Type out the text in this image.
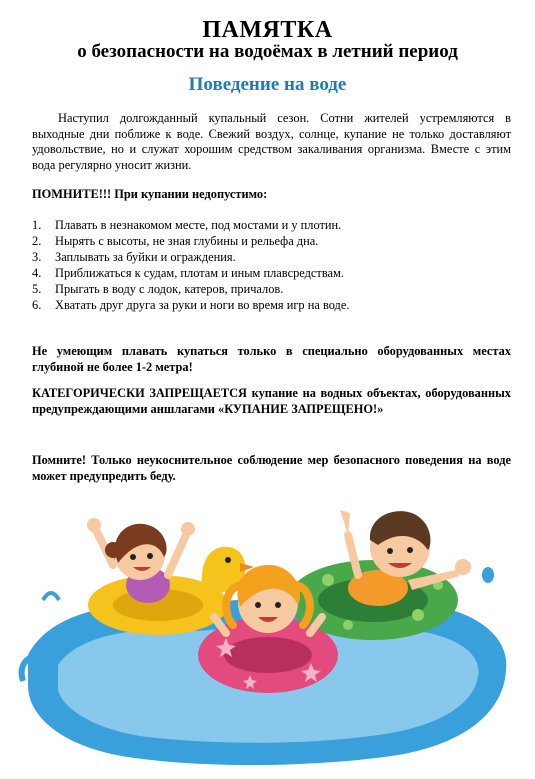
ПАМЯТКА
о безопасности на водоёмах в летний период
Поведение на воде
Наступил долгожданный купальный сезон. Сотни жителей устремляются в выходные дни поближе к воде. Свежий воздух, солнце, купание не только доставляют удовольствие, но и служат хорошим средством закаливания организма. Вместе с этим вода регулярно уносит жизни.
ПОМНИТЕ!!! При купании недопустимо:
1. Плавать в незнакомом месте, под мостами и у плотин.
2. Нырять с высоты, не зная глубины и рельефа дна.
3. Заплывать за буйки и ограждения.
4. Приближаться к судам, плотам и иным плавсредствам.
5. Прыгать в воду с лодок, катеров, причалов.
6. Хватать друг друга за руки и ноги во время игр на воде.
Не умеющим плавать купаться только в специально оборудованных местах глубиной не более 1-2 метра!
КАТЕГОРИЧЕСКИ ЗАПРЕЩАЕТСЯ купание на водных объектах, оборудованных предупреждающими аншлагами «КУПАНИЕ ЗАПРЕЩЕНО!»
Помните! Только неукоснительное соблюдение мер безопасного поведения на воде может предупредить беду.
